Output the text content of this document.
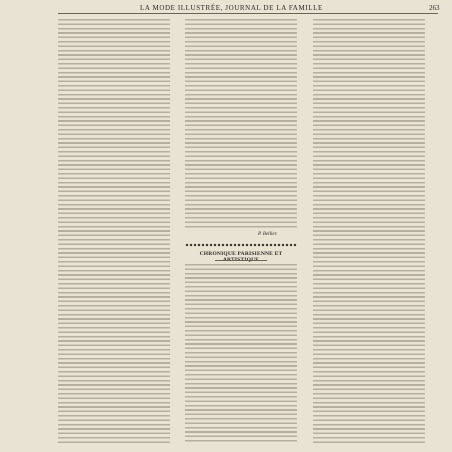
LA MODE ILLUSTRÉE, JOURNAL DE LA FAMILLE	263
P. Bellier.
CHRONIQUE PARISIENNE ET
